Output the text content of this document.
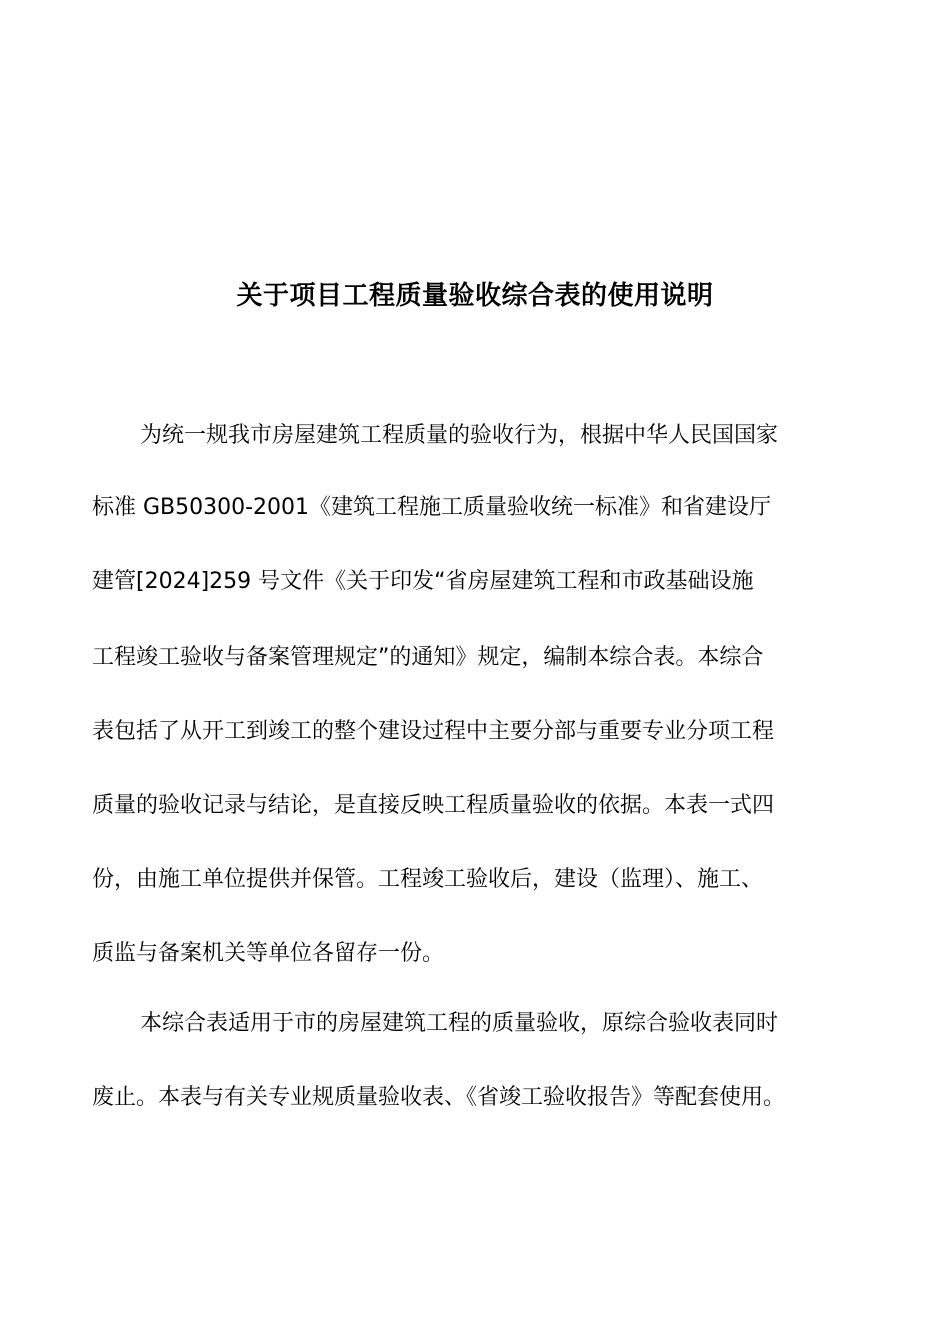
关于项目工程质量验收综合表的使用说明
为统一规我市房屋建筑工程质量的验收行为，根据中华人民国国家
标准 GB50300-2001《建筑工程施工质量验收统一标准》和省建设厅
建管[2024]259 号文件《关于印发“省房屋建筑工程和市政基础设施
工程竣工验收与备案管理规定”的通知》规定，编制本综合表。本综合
表包括了从开工到竣工的整个建设过程中主要分部与重要专业分项工程
质量的验收记录与结论，是直接反映工程质量验收的依据。本表一式四
份，由施工单位提供并保管。工程竣工验收后，建设（监理）、施工、
质监与备案机关等单位各留存一份。
本综合表适用于市的房屋建筑工程的质量验收，原综合验收表同时
废止。本表与有关专业规质量验收表、《省竣工验收报告》等配套使用。
